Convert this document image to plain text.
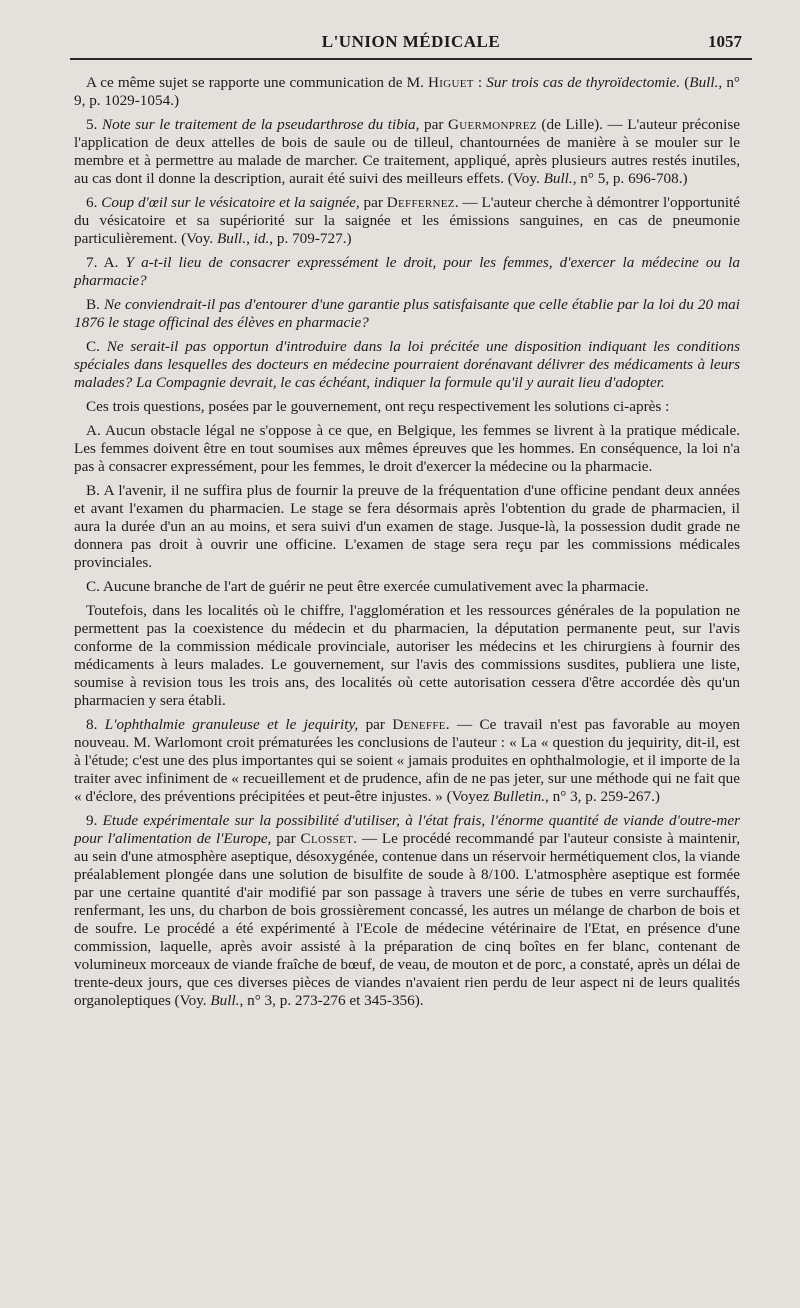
L'UNION MÉDICALE	1057

A ce même sujet se rapporte une communication de M. Higuet : Sur trois cas de thyroïdectomie. (Bull., n° 9, p. 1029-1054.)

5. Note sur le traitement de la pseudarthrose du tibia, par Guermonprez (de Lille). — L'auteur préconise l'application de deux attelles de bois de saule ou de tilleul, chantournées de manière à se mouler sur le membre et à permettre au malade de marcher. Ce traitement, appliqué, après plusieurs autres restés inutiles, au cas dont il donne la description, aurait été suivi des meilleurs effets. (Voy. Bull., n° 5, p. 696-708.)

6. Coup d'œil sur le vésicatoire et la saignée, par Deffernez. — L'auteur cherche à démontrer l'opportunité du vésicatoire et sa supériorité sur la saignée et les émissions sanguines, en cas de pneumonie particulièrement. (Voy. Bull., id., p. 709-727.)

7. A. Y a-t-il lieu de consacrer expressément le droit, pour les femmes, d'exercer la médecine ou la pharmacie?

B. Ne conviendrait-il pas d'entourer d'une garantie plus satisfaisante que celle établie par la loi du 20 mai 1876 le stage officinal des élèves en pharmacie?

C. Ne serait-il pas opportun d'introduire dans la loi précitée une disposition indiquant les conditions spéciales dans lesquelles des docteurs en médecine pourraient dorénavant délivrer des médicaments à leurs malades? La Compagnie devrait, le cas échéant, indiquer la formule qu'il y aurait lieu d'adopter.

Ces trois questions, posées par le gouvernement, ont reçu respectivement les solutions ci-après :

A. Aucun obstacle légal ne s'oppose à ce que, en Belgique, les femmes se livrent à la pratique médicale. Les femmes doivent être en tout soumises aux mêmes épreuves que les hommes. En conséquence, la loi n'a pas à consacrer expressément, pour les femmes, le droit d'exercer la médecine ou la pharmacie.

B. A l'avenir, il ne suffira plus de fournir la preuve de la fréquentation d'une officine pendant deux années et avant l'examen du pharmacien. Le stage se fera désormais après l'obtention du grade de pharmacien, il aura la durée d'un an au moins, et sera suivi d'un examen de stage. Jusque-là, la possession dudit grade ne donnera pas droit à ouvrir une officine. L'examen de stage sera reçu par les commissions médicales provinciales.

C. Aucune branche de l'art de guérir ne peut être exercée cumulativement avec la pharmacie.

Toutefois, dans les localités où le chiffre, l'agglomération et les ressources générales de la population ne permettent pas la coexistence du médecin et du pharmacien, la députation permanente peut, sur l'avis conforme de la commission médicale provinciale, autoriser les médecins et les chirurgiens à fournir des médicaments à leurs malades. Le gouvernement, sur l'avis des commissions susdites, publiera une liste, soumise à revision tous les trois ans, des localités où cette autorisation cessera d'être accordée dès qu'un pharmacien y sera établi.

8. L'ophthalmie granuleuse et le jequirity, par Deneffe. — Ce travail n'est pas favorable au moyen nouveau. M. Warlomont croit prématurées les conclusions de l'auteur : « La « question du jequirity, dit-il, est à l'étude; c'est une des plus importantes qui se soient « jamais produites en ophthalmologie, et il importe de la traiter avec infiniment de « recueillement et de prudence, afin de ne pas jeter, sur une méthode qui ne fait que « d'éclore, des préventions précipitées et peut-être injustes. » (Voyez Bulletin., n° 3, p. 259-267.)

9. Etude expérimentale sur la possibilité d'utiliser, à l'état frais, l'énorme quantité de viande d'outre-mer pour l'alimentation de l'Europe, par Closset. — Le procédé recommandé par l'auteur consiste à maintenir, au sein d'une atmosphère aseptique, désoxygénée, contenue dans un réservoir hermétiquement clos, la viande préalablement plongée dans une solution de bisulfite de soude à 8/100. L'atmosphère aseptique est formée par une certaine quantité d'air modifié par son passage à travers une série de tubes en verre surchauffés, renfermant, les uns, du charbon de bois grossièrement concassé, les autres un mélange de charbon de bois et de soufre. Le procédé a été expérimenté à l'Ecole de médecine vétérinaire de l'Etat, en présence d'une commission, laquelle, après avoir assisté à la préparation de cinq boîtes en fer blanc, contenant de volumineux morceaux de viande fraîche de bœuf, de veau, de mouton et de porc, a constaté, après un délai de trente-deux jours, que ces diverses pièces de viandes n'avaient rien perdu de leur aspect ni de leurs qualités organoleptiques (Voy. Bull., n° 3, p. 273-276 et 345-356).
